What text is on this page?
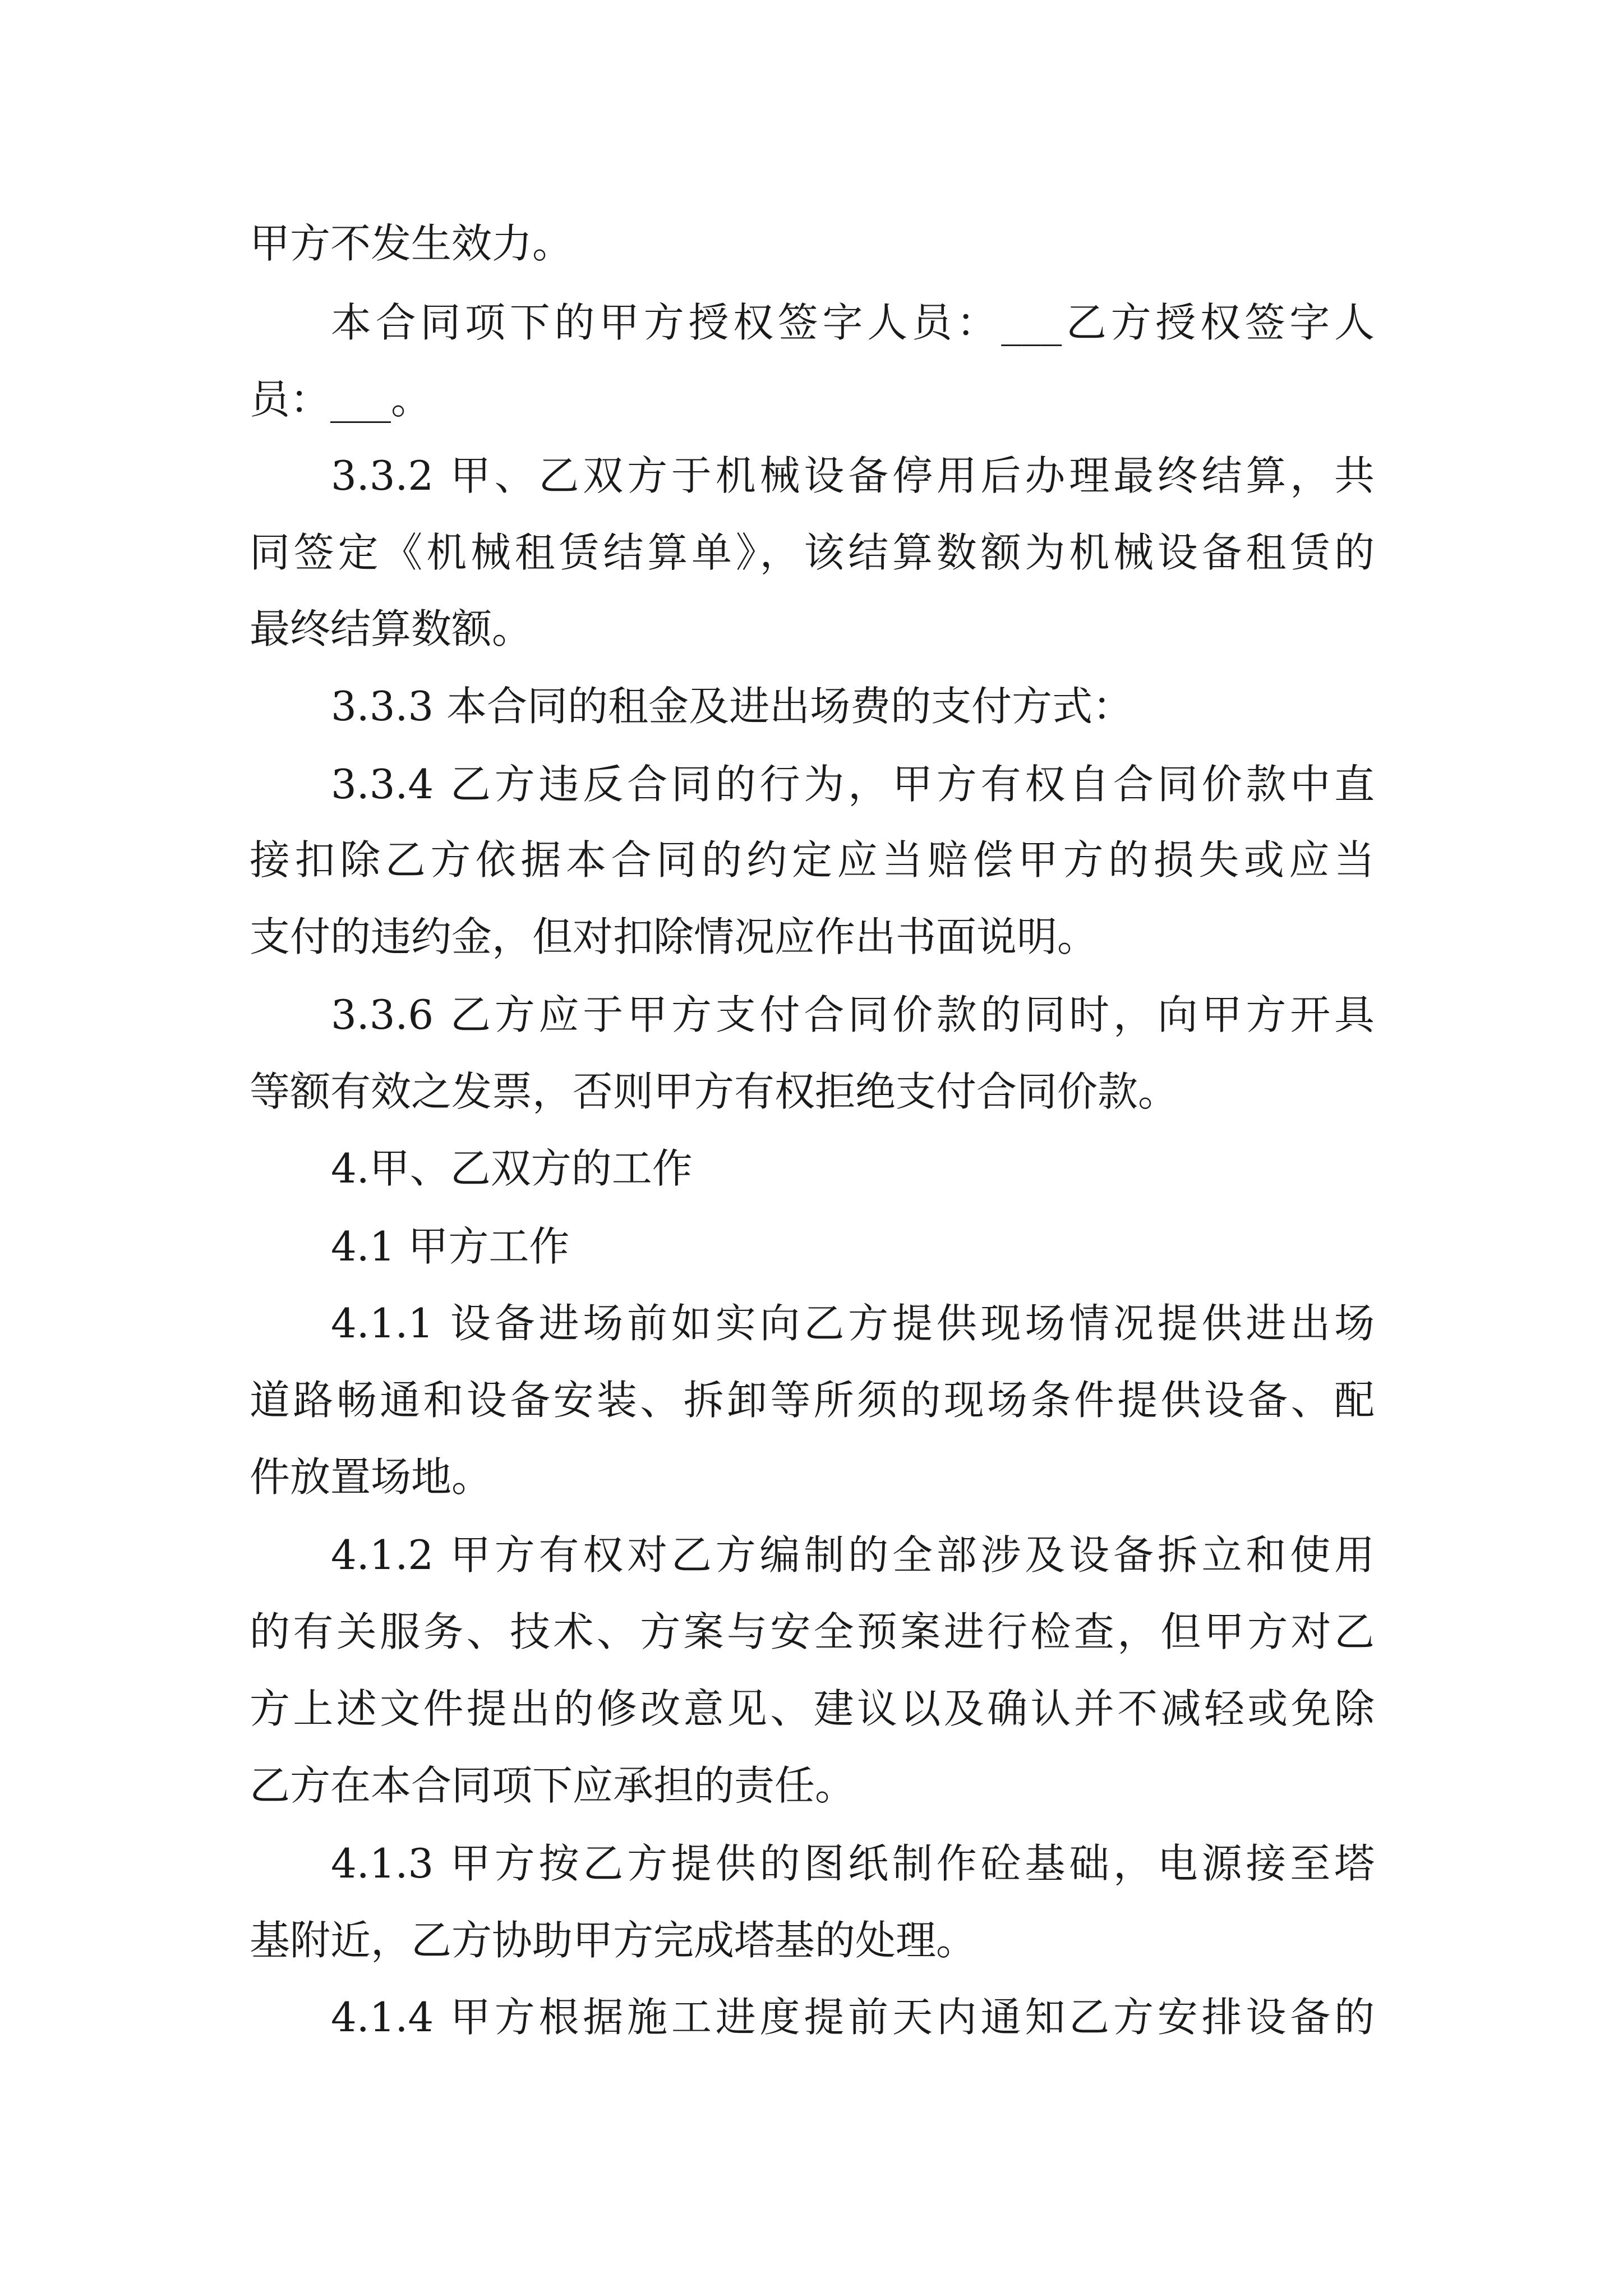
甲方不发生效力。

本合同项下的甲方授权签字人员：___乙方授权签字人

员：___。

3.3.2 甲、乙双方于机械设备停用后办理最终结算，共

同签定《机械租赁结算单》，该结算数额为机械设备租赁的

最终结算数额。

3.3.3 本合同的租金及进出场费的支付方式：

3.3.4 乙方违反合同的行为，甲方有权自合同价款中直

接扣除乙方依据本合同的约定应当赔偿甲方的损失或应当

支付的违约金，但对扣除情况应作出书面说明。

3.3.6 乙方应于甲方支付合同价款的同时，向甲方开具

等额有效之发票，否则甲方有权拒绝支付合同价款。

4.甲、乙双方的工作

4.1 甲方工作

4.1.1 设备进场前如实向乙方提供现场情况提供进出场

道路畅通和设备安装、拆卸等所须的现场条件提供设备、配

件放置场地。

4.1.2 甲方有权对乙方编制的全部涉及设备拆立和使用

的有关服务、技术、方案与安全预案进行检查，但甲方对乙

方上述文件提出的修改意见、建议以及确认并不减轻或免除

乙方在本合同项下应承担的责任。

4.1.3 甲方按乙方提供的图纸制作砼基础，电源接至塔

基附近，乙方协助甲方完成塔基的处理。

4.1.4 甲方根据施工进度提前天内通知乙方安排设备的
